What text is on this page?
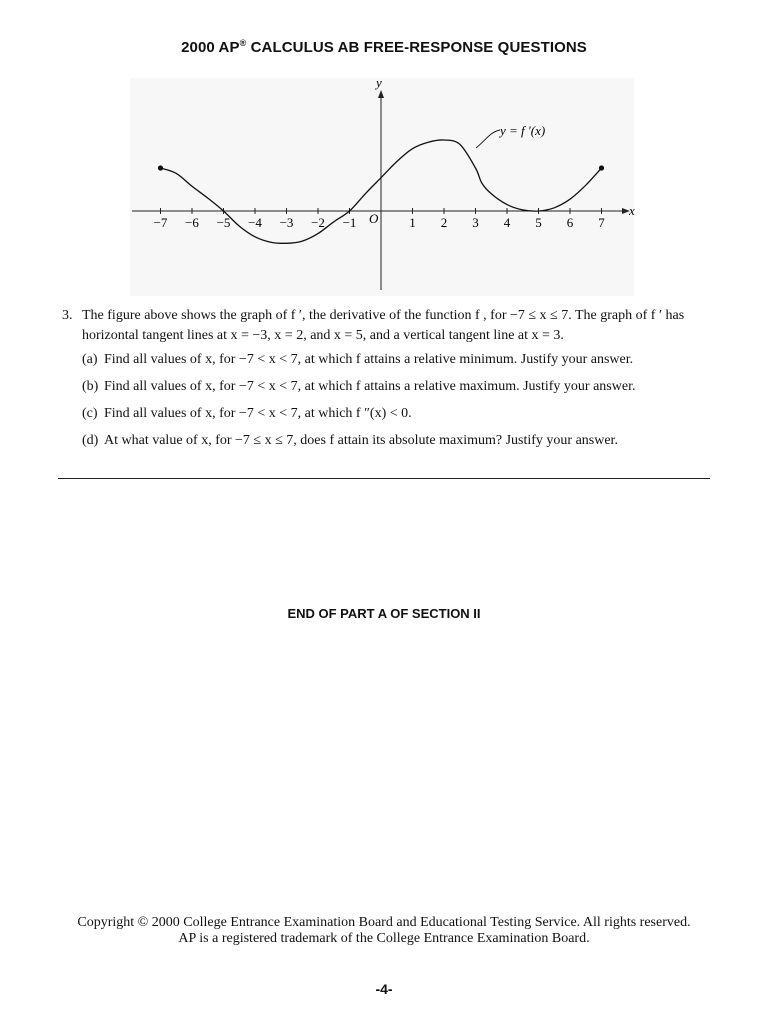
2000 AP® CALCULUS AB FREE-RESPONSE QUESTIONS
x
y
O
−7 −6 −5 −4 −3 −2 −1	1 2 3 4 5 6 7
y = f ′(x)
3. The figure above shows the graph of f ′, the derivative of the function f , for −7 ≤ x ≤ 7. The graph of f ′ has
horizontal tangent lines at x = −3, x = 2, and x = 5, and a vertical tangent line at x = 3.
(a) Find all values of x, for −7 < x < 7, at which f attains a relative minimum. Justify your answer.
(b) Find all values of x, for −7 < x < 7, at which f attains a relative maximum. Justify your answer.
(c) Find all values of x, for −7 < x < 7, at which f ″(x) < 0.
(d) At what value of x, for −7 ≤ x ≤ 7, does f attain its absolute maximum? Justify your answer.
END OF PART A OF SECTION II
Copyright © 2000 College Entrance Examination Board and Educational Testing Service. All rights reserved.
AP is a registered trademark of the College Entrance Examination Board.
-4-
